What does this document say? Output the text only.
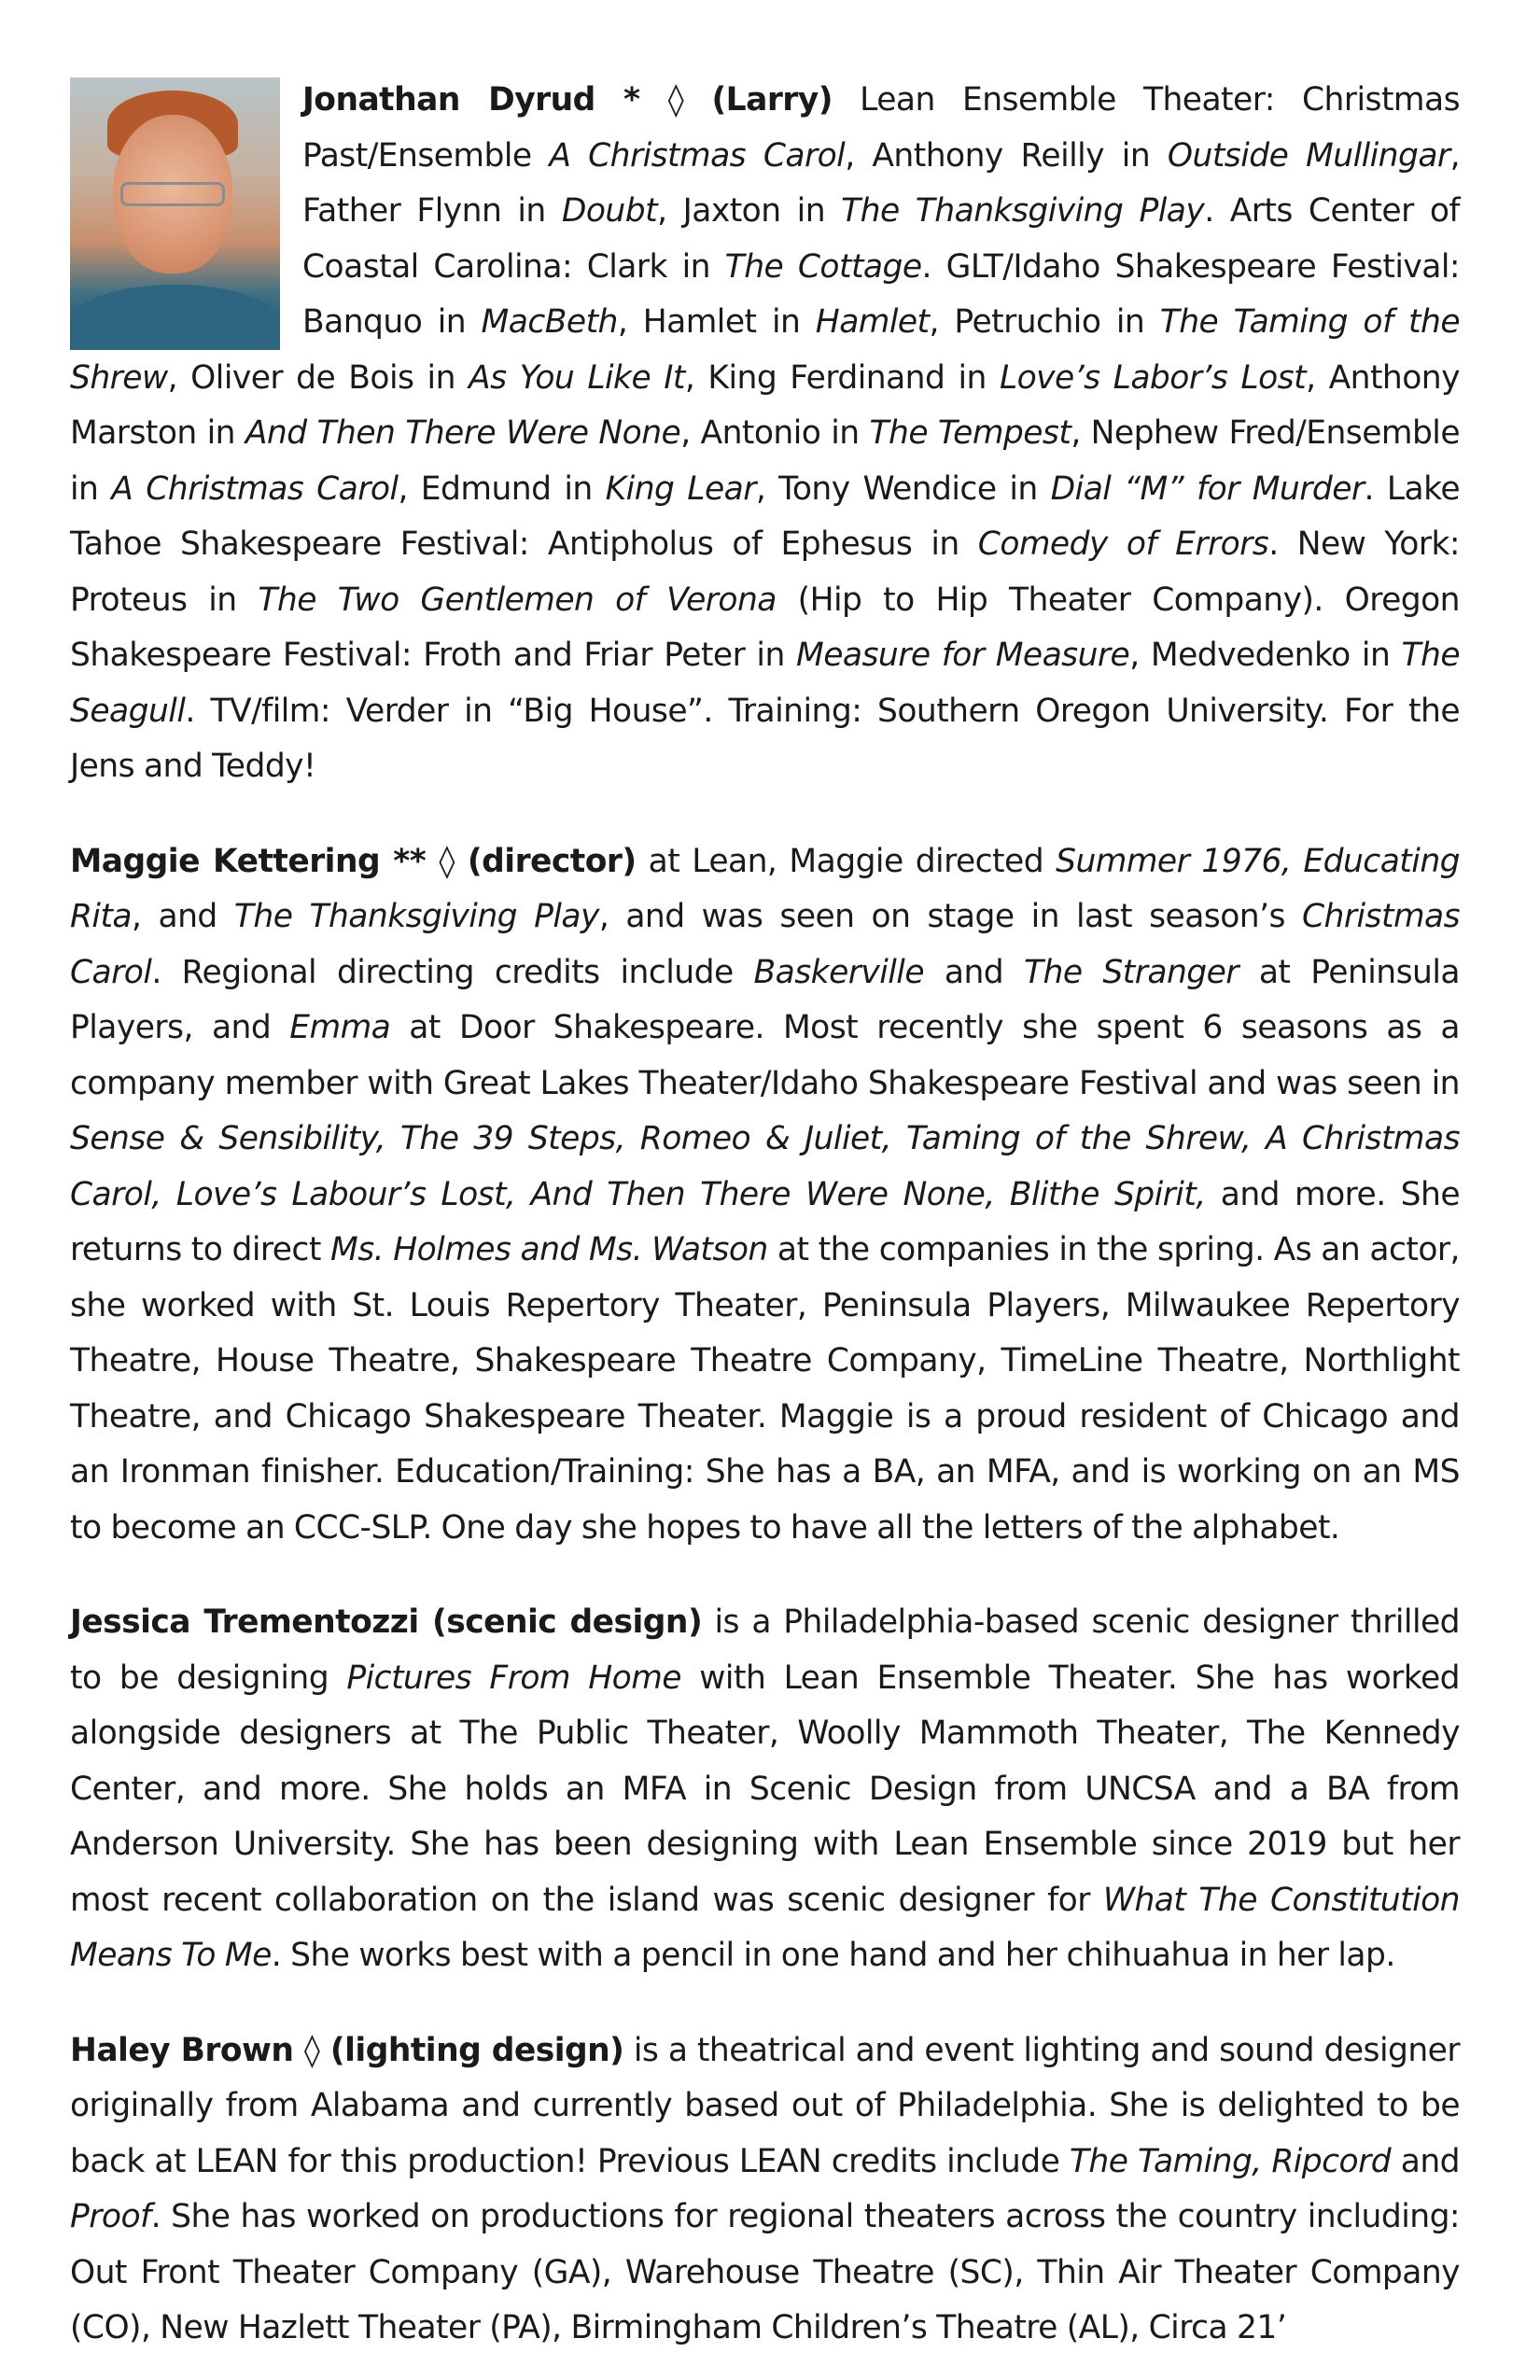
Jonathan Dyrud * ◊ (Larry) Lean Ensemble Theater: Christmas Past/Ensemble A Christmas Carol, Anthony Reilly in Outside Mullingar, Father Flynn in Doubt, Jaxton in The Thanksgiving Play. Arts Center of Coastal Carolina: Clark in The Cottage. GLT/Idaho Shakespeare Festival: Banquo in MacBeth, Hamlet in Hamlet, Petruchio in The Taming of the Shrew, Oliver de Bois in As You Like It, King Ferdinand in Love’s Labor’s Lost, Anthony Marston in And Then There Were None, Antonio in The Tempest, Nephew Fred/Ensemble in A Christmas Carol, Edmund in King Lear, Tony Wendice in Dial “M” for Murder. Lake Tahoe Shakespeare Festival: Antipholus of Ephesus in Comedy of Errors. New York: Proteus in The Two Gentlemen of Verona (Hip to Hip Theater Company). Oregon Shakespeare Festival: Froth and Friar Peter in Measure for Measure, Medvedenko in The Seagull. TV/film: Verder in “Big House”. Training: Southern Oregon University. For the Jens and Teddy!

Maggie Kettering ** ◊ (director) at Lean, Maggie directed Summer 1976, Educating Rita, and The Thanksgiving Play, and was seen on stage in last season’s Christmas Carol. Regional directing credits include Baskerville and The Stranger at Peninsula Players, and Emma at Door Shakespeare. Most recently she spent 6 seasons as a company member with Great Lakes Theater/Idaho Shakespeare Festival and was seen in Sense & Sensibility, The 39 Steps, Romeo & Juliet, Taming of the Shrew, A Christmas Carol, Love’s Labour’s Lost, And Then There Were None, Blithe Spirit, and more. She returns to direct Ms. Holmes and Ms. Watson at the companies in the spring. As an actor, she worked with St. Louis Repertory Theater, Peninsula Players, Milwaukee Repertory Theatre, House Theatre, Shakespeare Theatre Company, TimeLine Theatre, Northlight Theatre, and Chicago Shakespeare Theater. Maggie is a proud resident of Chicago and an Ironman finisher. Education/Training: She has a BA, an MFA, and is working on an MS to become an CCC-SLP. One day she hopes to have all the letters of the alphabet.

Jessica Trementozzi (scenic design) is a Philadelphia-based scenic designer thrilled to be designing Pictures From Home with Lean Ensemble Theater. She has worked alongside designers at The Public Theater, Woolly Mammoth Theater, The Kennedy Center, and more. She holds an MFA in Scenic Design from UNCSA and a BA from Anderson University. She has been designing with Lean Ensemble since 2019 but her most recent collaboration on the island was scenic designer for What The Constitution Means To Me. She works best with a pencil in one hand and her chihuahua in her lap.

Haley Brown ◊ (lighting design) is a theatrical and event lighting and sound designer originally from Alabama and currently based out of Philadelphia. She is delighted to be back at LEAN for this production! Previous LEAN credits include The Taming, Ripcord and Proof. She has worked on productions for regional theaters across the country including: Out Front Theater Company (GA), Warehouse Theatre (SC), Thin Air Theater Company (CO), New Hazlett Theater (PA), Birmingham Children’s Theatre (AL), Circa 21’
